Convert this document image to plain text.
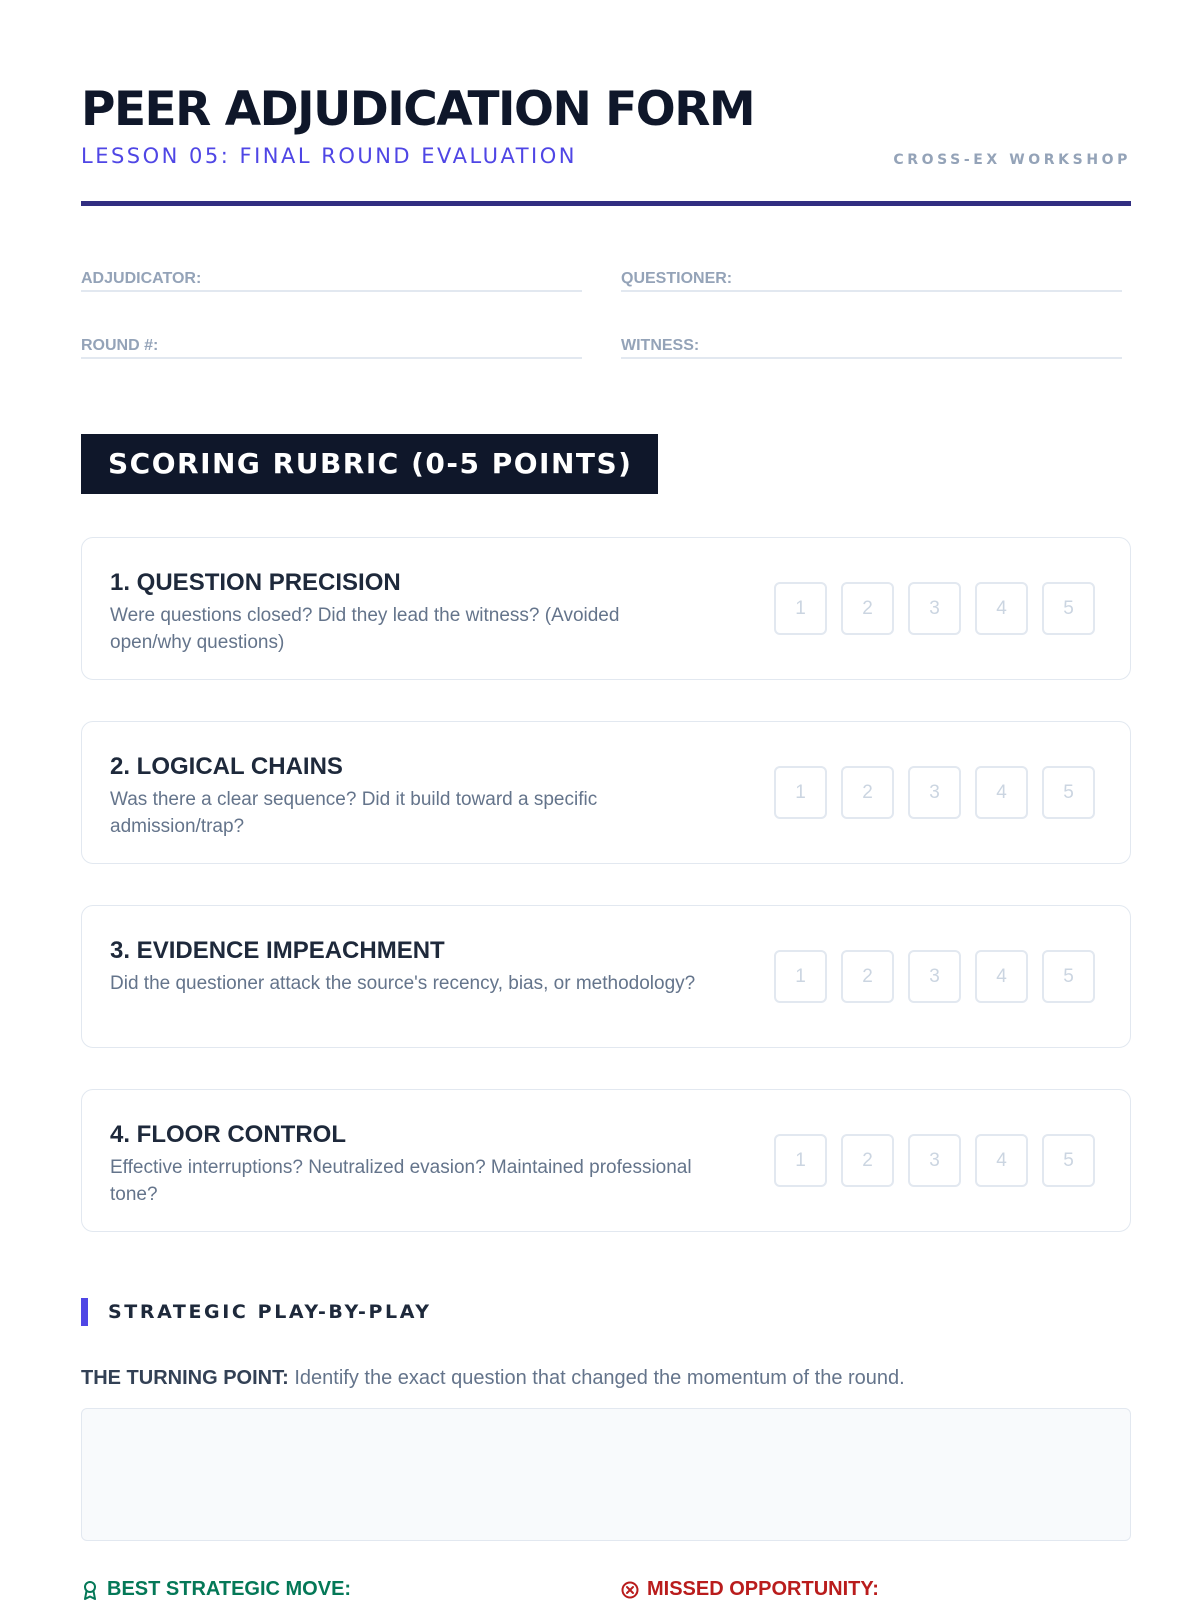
PEER ADJUDICATION FORM
LESSON 05: FINAL ROUND EVALUATION	CROSS-EX WORKSHOP
ADJUDICATOR:	QUESTIONER:
ROUND #:	WITNESS:
SCORING RUBRIC (0-5 POINTS)
1. QUESTION PRECISION
Were questions closed? Did they lead the witness? (Avoided open/why questions)
1	2	3	4	5
2. LOGICAL CHAINS
Was there a clear sequence? Did it build toward a specific admission/trap?
1	2	3	4	5
3. EVIDENCE IMPEACHMENT
Did the questioner attack the source's recency, bias, or methodology?	1	2	3	4	5
4. FLOOR CONTROL
Effective interruptions? Neutralized evasion? Maintained professional tone?
1	2	3	4	5
STRATEGIC PLAY-BY-PLAY
THE TURNING POINT: Identify the exact question that changed the momentum of the round.
BEST STRATEGIC MOVE:	MISSED OPPORTUNITY:
